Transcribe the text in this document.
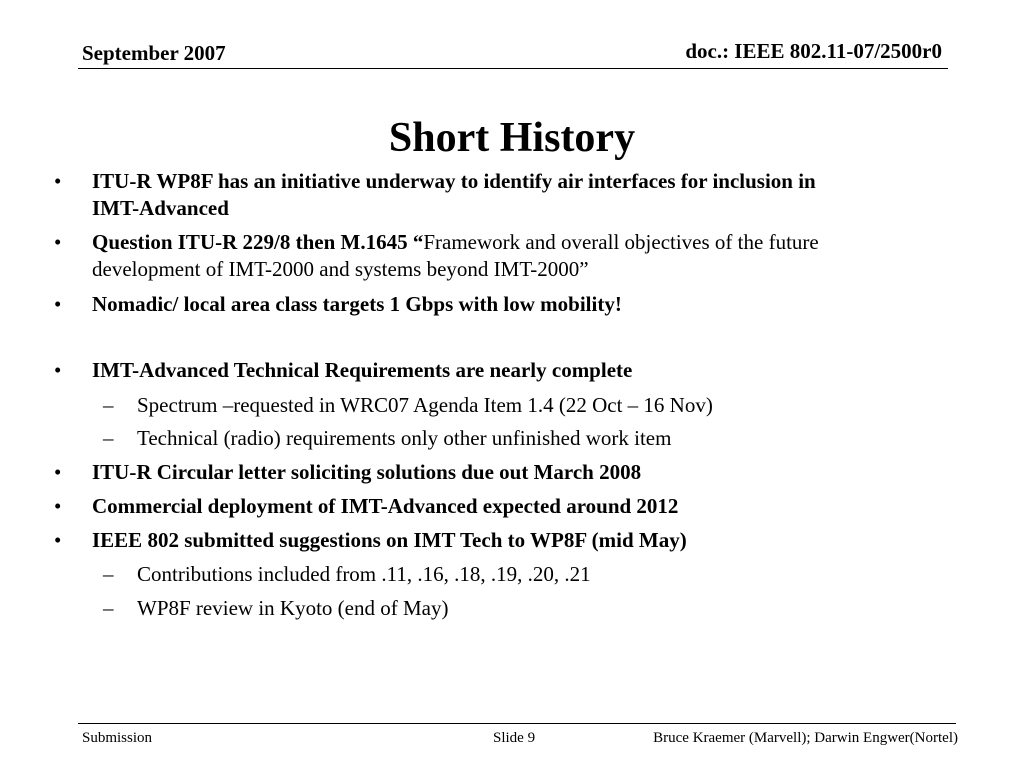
September 2007	doc.: IEEE 802.11-07/2500r0
Short History
• ITU-R WP8F has an initiative underway to identify air interfaces for inclusion in
IMT-Advanced
• Question ITU-R 229/8 then M.1645 “Framework and overall objectives of the future
development of IMT-2000 and systems beyond IMT-2000”
• Nomadic/ local area class targets 1 Gbps with low mobility!
• IMT-Advanced Technical Requirements are nearly complete
– Spectrum –requested in WRC07 Agenda Item 1.4 (22 Oct – 16 Nov)
– Technical (radio) requirements only other unfinished work item
• ITU-R Circular letter soliciting solutions due out March 2008
• Commercial deployment of IMT-Advanced expected around 2012
• IEEE 802 submitted suggestions on IMT Tech to WP8F (mid May)
– Contributions included from .11, .16, .18, .19, .20, .21
– WP8F review in Kyoto (end of May)
Submission	Slide 9	Bruce Kraemer (Marvell); Darwin Engwer(Nortel)
